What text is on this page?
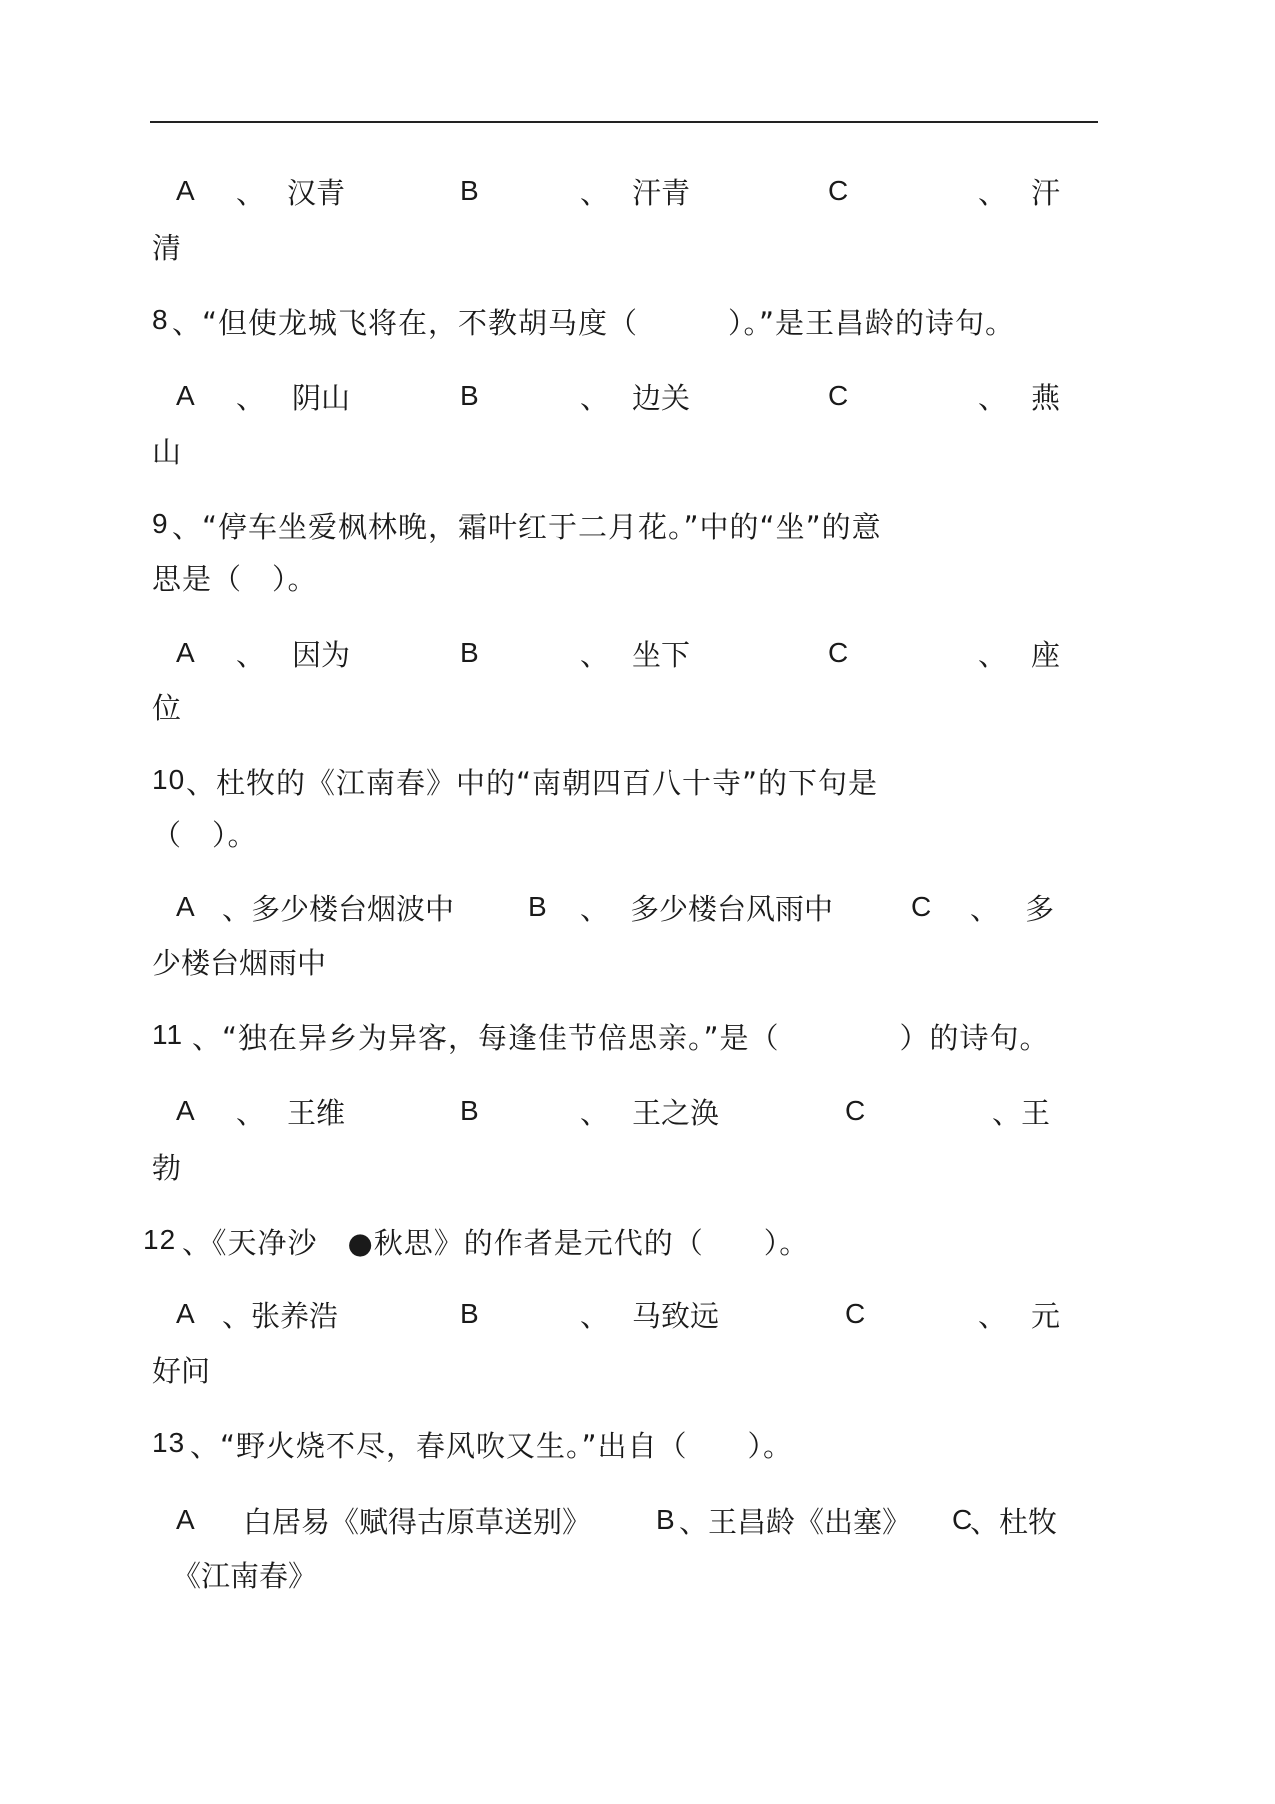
A 、 汉青	B	、 汗青	C	、 汗
清
8 、“但使龙城飞将在，不教胡马度（　　　）。”是王昌龄的诗句。
A 、 阴山	B	、 边关	C	、 燕
山
9 、“停车坐爱枫林晚，霜叶红于二月花。”中的“坐”的意
思是（　）。
A 、 因为	B	、 坐下	C	、 座
位
10 、杜牧的《江南春》中的“南朝四百八十寺”的下句是
（　）。
A 、多少楼台烟波中	B 、 多少楼台风雨中	C 、 多
少楼台烟雨中
11 、“独在异乡为异客，每逢佳节倍思亲。”是（　　　　）的诗句。
A 、 王维	B	、 王之涣	C	、王
勃
12 、《天净沙　●秋思》的作者是元代的（　　）。
A 、张养浩	B	、 马致远	C	、 元
好问
13 、“野火烧不尽，春风吹又生。”出自（　　）。
A 白居易《赋得古原草送别》 B 、王昌龄《出塞》 C
、杜牧
《江南春》
